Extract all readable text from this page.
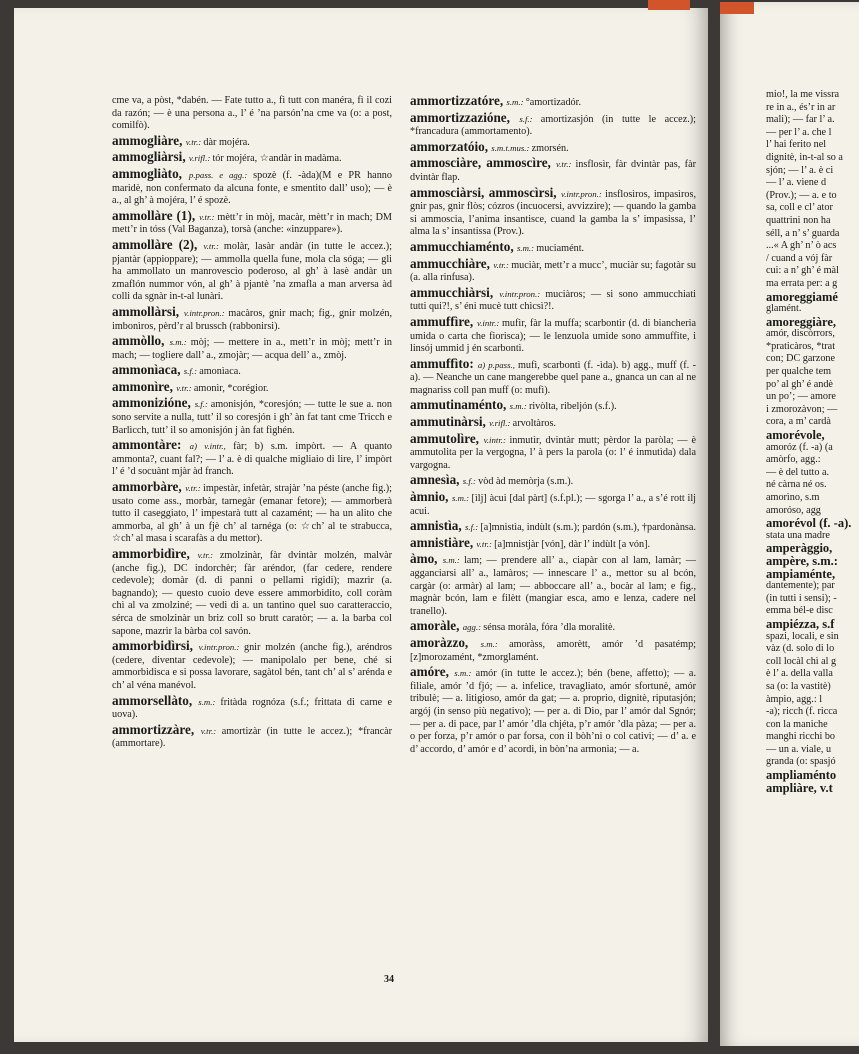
cme va, a pòst, *dabén. — Fate tutto a., fì tutt con manéra, fì il cozi da razón; — è una persona a., l’ é ’na parsón’na cme va (o: a post, comilfò).
ammogliàre, v.tr.: dàr mojéra.
ammogliàrsi, v.rifl.: tór mojéra, ☆andàr in madàma.
ammogliàto, p.pass. e agg.: spozè (f. -àda)(M e PR hanno maridè, non confermato da alcuna fonte, e smentito dall’ uso); — è a., al gh’ à mojéra, l’ é spozè.
ammollàre (1), v.tr.: mètt’r in mòj, macàr, mètt’r in mach; DM mett’r in tóss (Val Baganza), torsà (anche: «inzuppare»).
ammollàre (2), v.tr.: molàr, lasàr andàr (in tutte le accez.); pjantàr (appioppare); — ammolla quella fune, mola cla sóga; — gli ha ammollato un manrovescio poderoso, al gh’ à lasè andàr un zmaflón nummor vón, al gh’ à pjantè ’na zmafla a man arversa àd colli da sgnàr in-t-al lunàri.
ammollàrsi, v.intr.pron.: macàros, gnir mach; fig., gnir molzén, imbonìros, pèrd’r al brussch (rabbonirsi).
ammòllo, s.m.: mòj; — mettere in a., mett’r in mòj; mett’r in mach; — togliere dall’ a., zmojàr; — acqua dell’ a., zmòj.
ammonìaca, s.f.: amonìaca.
ammonìre, v.tr.: amonìr, *corégior.
ammonizióne, s.f.: amonisjón, *coresjón; — tutte le sue a. non sono servite a nulla, tutt’ il so coresjón i gh’ àn fat tant cme Tricch e Barlìcch, tutt’ il so amonisjón j àn fat fighén.
ammontàre: a) v.intr., fàr; b) s.m. impòrt. — A quanto ammonta?, cuant fal?; — l’ a. è di qualche migliaio di lire, l’ impòrt l’ é ’d socuànt mjàr àd franch.
ammorbàre, v.tr.: impestàr, infetàr, strajàr ’na péste (anche fig.); usato come ass., morbàr, tarnegàr (emanar fetore); — ammorberà tutto il caseggiato, l’ impestarà tutt al cazamént; — ha un alito che ammorba, al gh’ à un fjè ch’ al tarnéga (o: ☆ch’ al te strabucca, ☆ch’ al masa i scarafàs a du mettor).
ammorbidìre, v.tr.: zmolzinàr, fàr dvintàr molzén, malvàr (anche fig.), DC indorchèr; fàr aréndor, (far cedere, rendere cedevole); domàr (d. di panni o pellami rigidi); mazrìr (a. bagnando); — questo cuoio deve essere ammorbidito, coll coràm chì al va zmolziné; — vedi di a. un tantino quel suo caratteraccio, sérca de smolzinàr un briz coll so brutt caratòr; — a. la barba col sapone, mazrìr la bàrba col savón.
ammorbidìrsi, v.intr.pron.: gnir molzén (anche fig.), aréndros (cedere, diventar cedevole); — manipolalo per bene, ché si ammorbidisca e si possa lavorare, sagàtol bén, tant ch’ al s’ arénda e ch’ al véna manévol.
ammorsellàto, s.m.: fritàda rognóza (s.f.; frittata di carne e uova).
ammortizzàre, v.tr.: amortizàr (in tutte le accez.); *francàr (ammortare).
ammortizzatóre, s.m.: °amortizadór.
ammortizzazióne, s.f.: amortizasjón (in tutte le accez.); *francadura (ammortamento).
ammorzatóio, s.m.t.mus.: zmorsén.
ammosciàre, ammoscìre, v.tr.: insflosìr, fàr dvintàr pas, fàr dvintàr flap.
ammosciàrsi, ammoscìrsi, v.intr.pron.: insflosìros, impasìros, gnir pas, gnir flòs; cózros (incuocersi, avvizzire); — quando la gamba si ammoscia, l’anima insantisce, cuand la gamba la s’ impasissa, l’ alma la s’ insantissa (Prov.).
ammucchiaménto, s.m.: muciamént.
ammucchiàre, v.tr.: muciàr, mett’r a mucc’, muciàr su; fagotàr su (a. alla rinfusa).
ammucchiàrsi, v.intr.pron.: muciàros; — si sono ammucchiati tutti qui?!, s’ éni mucè tutt chìcsì?!.
ammuffìre, v.intr.: mufìr, fàr la muffa; scarbontìr (d. di biancheria umida o carta che fiorisca); — le lenzuola umide sono ammuffite, i linsój ummid j én scarbontì.
ammuffìto: a) p.pass., mufì, scarbontì (f. -ìda). b) agg., muff (f. -a). — Neanche un cane mangerebbe quel pane a., gnanca un can al ne magnariss coll pan muff (o: mufì).
ammutinaménto, s.m.: rivòlta, ribeljón (s.f.).
ammutinàrsi, v.rifl.: arvoltàros.
ammutolìre, v.intr.: inmutìr, dvintàr mutt; pèrdor la paròla; — è ammutolita per la vergogna, l’ à pers la parola (o: l’ é inmutìda) dala vargogna.
amnesìa, s.f.: vòd àd memòrja (s.m.).
àmnio, s.m.: [ìlj] àcui [dal pàrt] (s.f.pl.); — sgorga l’ a., a s’é rott ilj acui.
amnistìa, s.f.: [a]mnistìa, indùlt (s.m.); pardón (s.m.), †pardonànsa.
amnistiàre, v.tr.: [a]mnistjàr [vón], dàr l’ indùlt [a vón].
àmo, s.m.: lam; — prendere all’ a., ciapàr con al lam, lamàr; — agganciarsi all’ a., lamàros; — innescare l’ a., mettor su al bcón, cargàr (o: armàr) al lam; — abboccare all’ a., bocàr al lam; e fig., magnàr bcón, lam e filètt (mangiar esca, amo e lenza, cadere nel tranello).
amoràle, agg.: sénsa moràla, fóra ’dla moralitè.
amoràzzo, s.m.: amoràss, amorètt, amór ’d pasatémp; [z]morozamént, *zmorglamént.
amóre, s.m.: amór (in tutte le accez.); bén (bene, affetto); — a. filiale, amór ’d fjó; — a. infelice, travagliato, amór sfortunè, amór tribulè; — a. litigioso, amór da gat; — a. proprio, dignitè, riputasjón; argój (in senso più negativo); — per a. di Dio, par l’ amór dal Sgnór; — per a. di pace, par l’ amór ’dla chjéta, p’r amór ’dla pàza; — per a. o per forza, p’r amór o par forsa, con il bòh’ni o col cativi; — d’ a. e d’ accordo, d’ amór e d’ acordi, in bòn’na armonia; — a.
34
mio!, la me vissra
re in a., és’r in ar
mali); — far l’ a.
— per l’ a. che l
l’ hai ferito nel
dignitè, in-t-al so a
sjón; — l’ a. è ci
— l’ a. viene d
(Prov.); — a. e to
sa, coll e cl’ ator
quattrini non ha
séll, a n’ s’ guarda
...« A gh’ n’ ò acs
/ cuand a vój fàr
cui: a n’ gh’ é màl
ma errata per: a g
amoreggiamé
glamént.
amoreggiàre,
amór, discòrrors,
*praticàros, *trat
con; DC garzone
per qualche tem
po’ al gh’ é andè
un po’; — amore
i zmorozàvon; —
cora, a m’ cardà
amorévole,
amoróz (f. -a) (a
amòrfo, agg.:
— è del tutto a.
né càrna né os.
amorìno, s.m
amoróso, agg
amorévol (f. -a).
stata una madre
amperàggio,
ampère, s.m.:
ampiaménte,
dantemente); par
(in tutti i sensi); -
emma bél-e disc
ampiézza, s.f
spazi, locali, e sin
vàz (d. solo di lo
coll locàl chì al g
è l’ a. della valla
sa (o: la vastitè)
àmpio, agg.: l
-a); ricch (f. ricca
con la maniche
manghi ricchi bo
— un a. viale, u
granda (o: spasjó
ampliaménto
ampliàre, v.t
